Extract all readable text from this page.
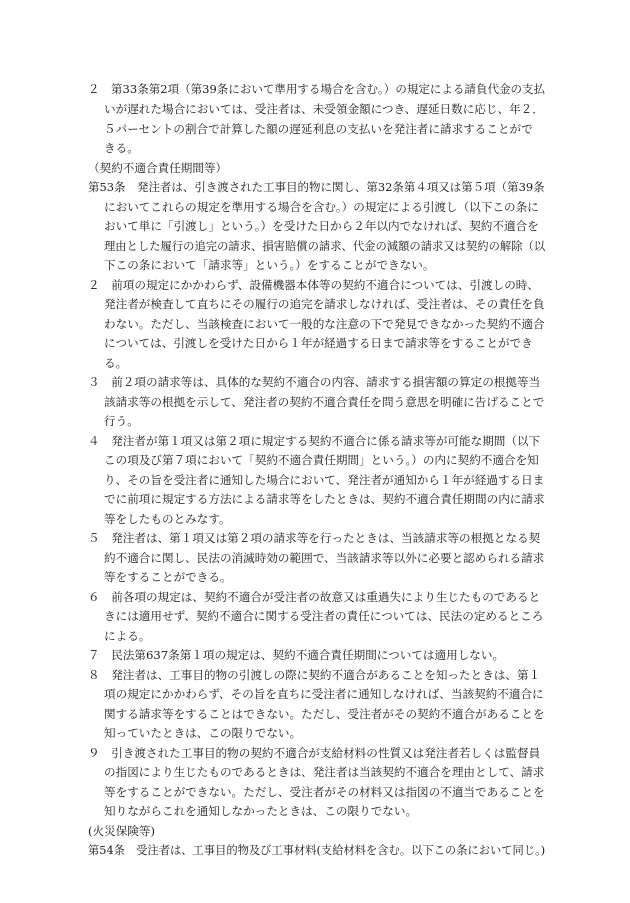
２　第33条第2項（第39条において準用する場合を含む。）の規定による請負代金の支払
いが遅れた場合においては、受注者は、未受領金額につき、遅延日数に応じ、年２．
５パーセントの割合で計算した額の遅延利息の支払いを発注者に請求することがで
きる。
（契約不適合責任期間等）
第53条　発注者は、引き渡された工事目的物に関し、第32条第４項又は第５項（第39条
においてこれらの規定を準用する場合を含む。）の規定による引渡し（以下この条に
おいて単に「引渡し」という。）を受けた日から２年以内でなければ、契約不適合を
理由とした履行の追完の請求、損害賠償の請求、代金の減額の請求又は契約の解除（以
下この条において「請求等」という。）をすることができない。
２　前項の規定にかかわらず、設備機器本体等の契約不適合については、引渡しの時、
発注者が検査して直ちにその履行の追完を請求しなければ、受注者は、その責任を負
わない。ただし、当該検査において一般的な注意の下で発見できなかった契約不適合
については、引渡しを受けた日から１年が経過する日まで請求等をすることができ
る。
３　前２項の請求等は、具体的な契約不適合の内容、請求する損害額の算定の根拠等当
該請求等の根拠を示して、発注者の契約不適合責任を問う意思を明確に告げることで
行う。
４　発注者が第１項又は第２項に規定する契約不適合に係る請求等が可能な期間（以下
この項及び第７項において「契約不適合責任期間」という。）の内に契約不適合を知
り、その旨を受注者に通知した場合において、発注者が通知から１年が経過する日ま
でに前項に規定する方法による請求等をしたときは、契約不適合責任期間の内に請求
等をしたものとみなす。
５　発注者は、第１項又は第２項の請求等を行ったときは、当該請求等の根拠となる契
約不適合に関し、民法の消滅時効の範囲で、当該請求等以外に必要と認められる請求
等をすることができる。
６　前各項の規定は、契約不適合が受注者の故意又は重過失により生じたものであると
きには適用せず、契約不適合に関する受注者の責任については、民法の定めるところ
による。
７　民法第637条第１項の規定は、契約不適合責任期間については適用しない。
８　発注者は、工事目的物の引渡しの際に契約不適合があることを知ったときは、第１
項の規定にかかわらず、その旨を直ちに受注者に通知しなければ、当該契約不適合に
関する請求等をすることはできない。ただし、受注者がその契約不適合があることを
知っていたときは、この限りでない。
９　引き渡された工事目的物の契約不適合が支給材料の性質又は発注者若しくは監督員
の指図により生じたものであるときは、発注者は当該契約不適合を理由として、請求
等をすることができない。ただし、受注者がその材料又は指図の不適当であることを
知りながらこれを通知しなかったときは、この限りでない。
(火災保険等)
第54条　受注者は、工事目的物及び工事材料(支給材料を含む。以下この条において同じ。)
